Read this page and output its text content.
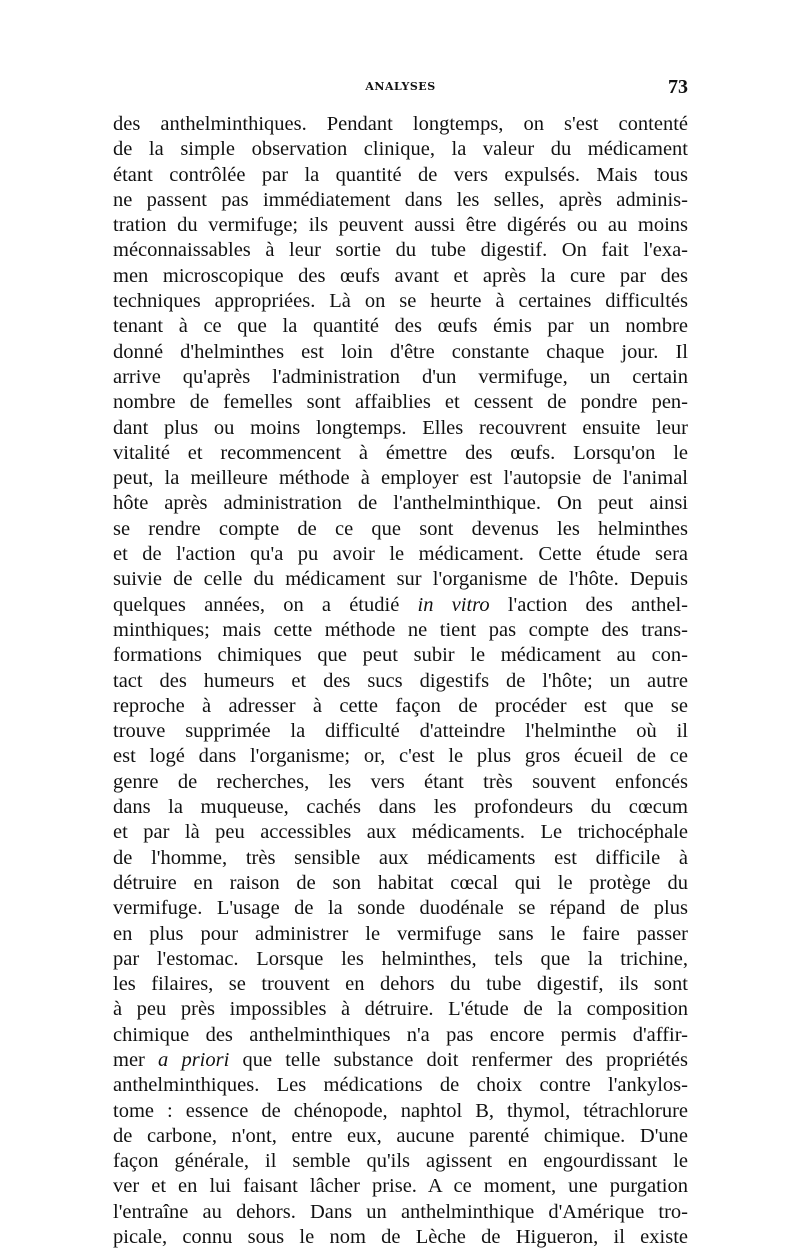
ANALYSES	73
des anthelminthiques. Pendant longtemps, on s'est contenté
de la simple observation clinique, la valeur du médicament
étant contrôlée par la quantité de vers expulsés. Mais tous
ne passent pas immédiatement dans les selles, après adminis-
tration du vermifuge; ils peuvent aussi être digérés ou au moins
méconnaissables à leur sortie du tube digestif. On fait l'exa-
men microscopique des œufs avant et après la cure par des
techniques appropriées. Là on se heurte à certaines difficultés
tenant à ce que la quantité des œufs émis par un nombre
donné d'helminthes est loin d'être constante chaque jour. Il
arrive qu'après l'administration d'un vermifuge, un certain
nombre de femelles sont affaiblies et cessent de pondre pen-
dant plus ou moins longtemps. Elles recouvrent ensuite leur
vitalité et recommencent à émettre des œufs. Lorsqu'on le
peut, la meilleure méthode à employer est l'autopsie de l'animal
hôte après administration de l'anthelminthique. On peut ainsi
se rendre compte de ce que sont devenus les helminthes
et de l'action qu'a pu avoir le médicament. Cette étude sera
suivie de celle du médicament sur l'organisme de l'hôte. Depuis
quelques années, on a étudié in vitro l'action des anthel-
minthiques; mais cette méthode ne tient pas compte des trans-
formations chimiques que peut subir le médicament au con-
tact des humeurs et des sucs digestifs de l'hôte; un autre
reproche à adresser à cette façon de procéder est que se
trouve supprimée la difficulté d'atteindre l'helminthe où il
est logé dans l'organisme; or, c'est le plus gros écueil de ce
genre de recherches, les vers étant très souvent enfoncés
dans la muqueuse, cachés dans les profondeurs du cœcum
et par là peu accessibles aux médicaments. Le trichocéphale
de l'homme, très sensible aux médicaments est difficile à
détruire en raison de son habitat cœcal qui le protège du
vermifuge. L'usage de la sonde duodénale se répand de plus
en plus pour administrer le vermifuge sans le faire passer
par l'estomac. Lorsque les helminthes, tels que la trichine,
les filaires, se trouvent en dehors du tube digestif, ils sont
à peu près impossibles à détruire. L'étude de la composition
chimique des anthelminthiques n'a pas encore permis d'affir-
mer a priori que telle substance doit renfermer des propriétés
anthelminthiques. Les médications de choix contre l'ankylos-
tome : essence de chénopode, naphtol B, thymol, tétrachlorure
de carbone, n'ont, entre eux, aucune parenté chimique. D'une
façon générale, il semble qu'ils agissent en engourdissant le
ver et en lui faisant lâcher prise. A ce moment, une purgation
l'entraîne au dehors. Dans un anthelminthique d'Amérique tro-
picale, connu sous le nom de Lèche de Higueron, il existe
